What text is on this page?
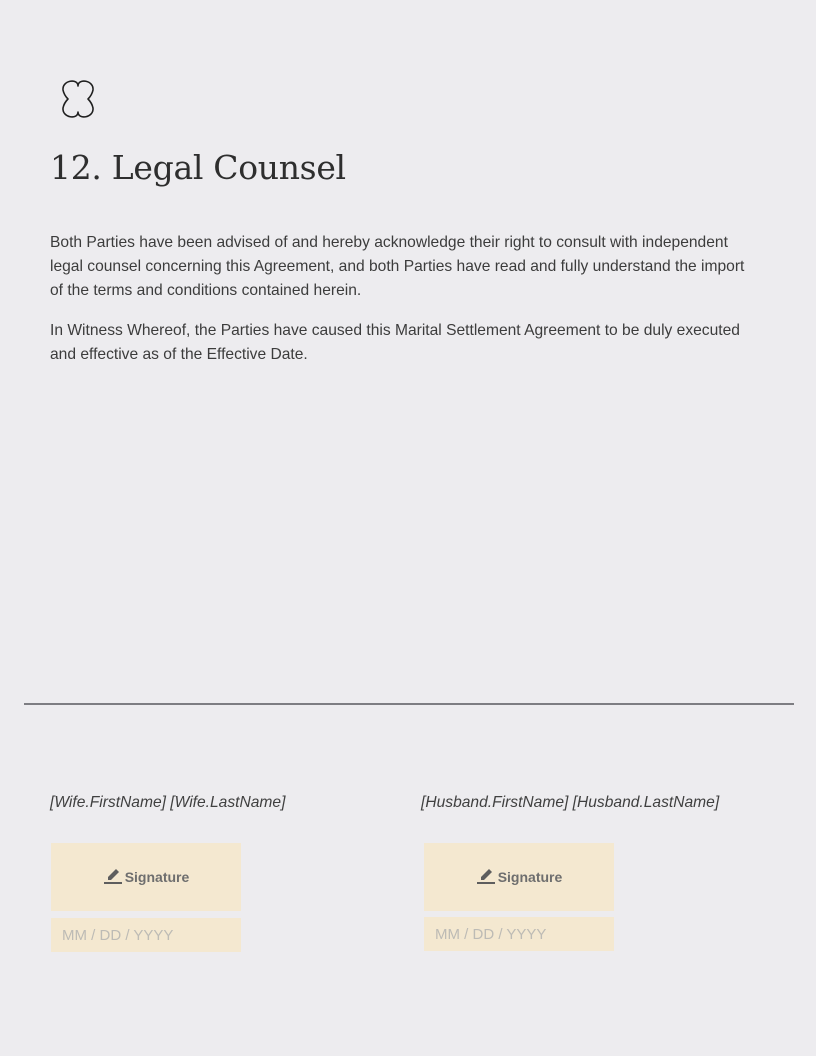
12. Legal Counsel

Both Parties have been advised of and hereby acknowledge their right to consult with independent legal counsel concerning this Agreement, and both Parties have read and fully understand the import of the terms and conditions contained herein.

In Witness Whereof, the Parties have caused this Marital Settlement Agreement to be duly executed and effective as of the Effective Date.

[Wife.FirstName] [Wife.LastName]
Signature
MM / DD / YYYY
[Husband.FirstName] [Husband.LastName]
Signature
MM / DD / YYYY
